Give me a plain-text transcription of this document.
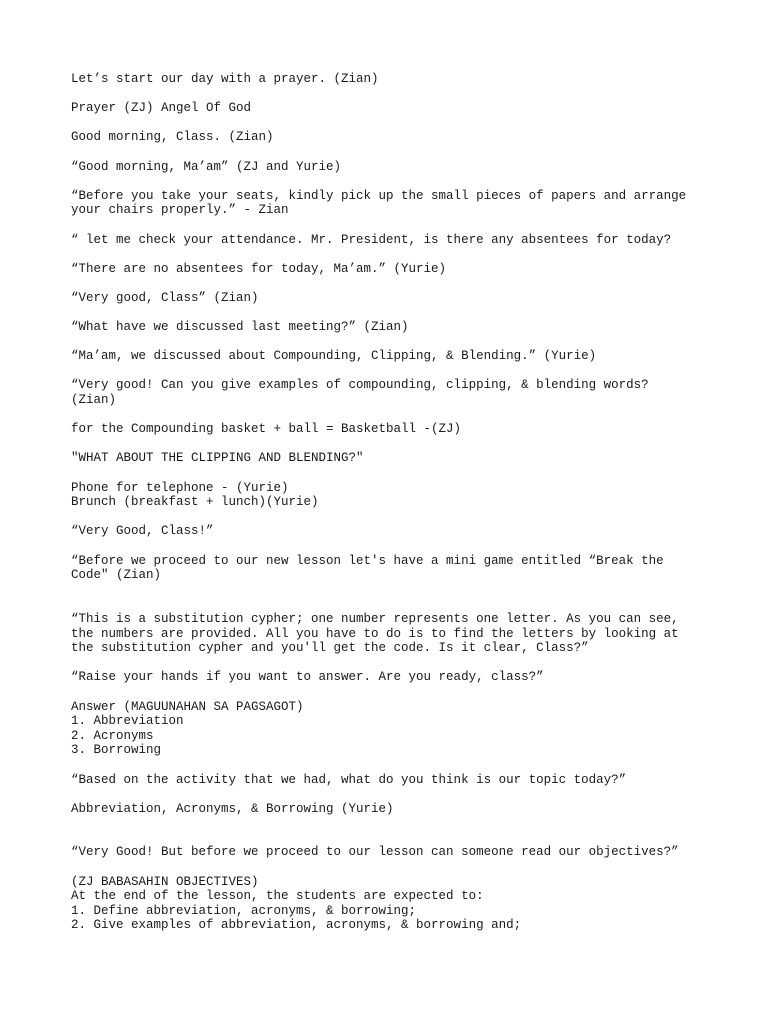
Let’s start our day with a prayer. (Zian)
Prayer (ZJ) Angel Of God
Good morning, Class. (Zian)
“Good morning, Ma’am” (ZJ and Yurie)
“Before you take your seats, kindly pick up the small pieces of papers and arrange
your chairs properly.” - Zian
“ let me check your attendance. Mr. President, is there any absentees for today?
“There are no absentees for today, Ma’am.” (Yurie)
“Very good, Class” (Zian)
“What have we discussed last meeting?” (Zian)
“Ma’am, we discussed about Compounding, Clipping, & Blending.” (Yurie)
“Very good! Can you give examples of compounding, clipping, & blending words?
(Zian)
for the Compounding basket + ball = Basketball -(ZJ)
"WHAT ABOUT THE CLIPPING AND BLENDING?"
Phone for telephone - (Yurie)
Brunch (breakfast + lunch)(Yurie)
“Very Good, Class!”
“Before we proceed to our new lesson let's have a mini game entitled “Break the
Code" (Zian)
“This is a substitution cypher; one number represents one letter. As you can see,
the numbers are provided. All you have to do is to find the letters by looking at
the substitution cypher and you'll get the code. Is it clear, Class?”
“Raise your hands if you want to answer. Are you ready, class?”
Answer (MAGUUNAHAN SA PAGSAGOT)
1. Abbreviation
2. Acronyms
3. Borrowing
“Based on the activity that we had, what do you think is our topic today?”
Abbreviation, Acronyms, & Borrowing (Yurie)
“Very Good! But before we proceed to our lesson can someone read our objectives?”
(ZJ BABASAHIN OBJECTIVES)
At the end of the lesson, the students are expected to:
1. Define abbreviation, acronyms, & borrowing;
2. Give examples of abbreviation, acronyms, & borrowing and;
